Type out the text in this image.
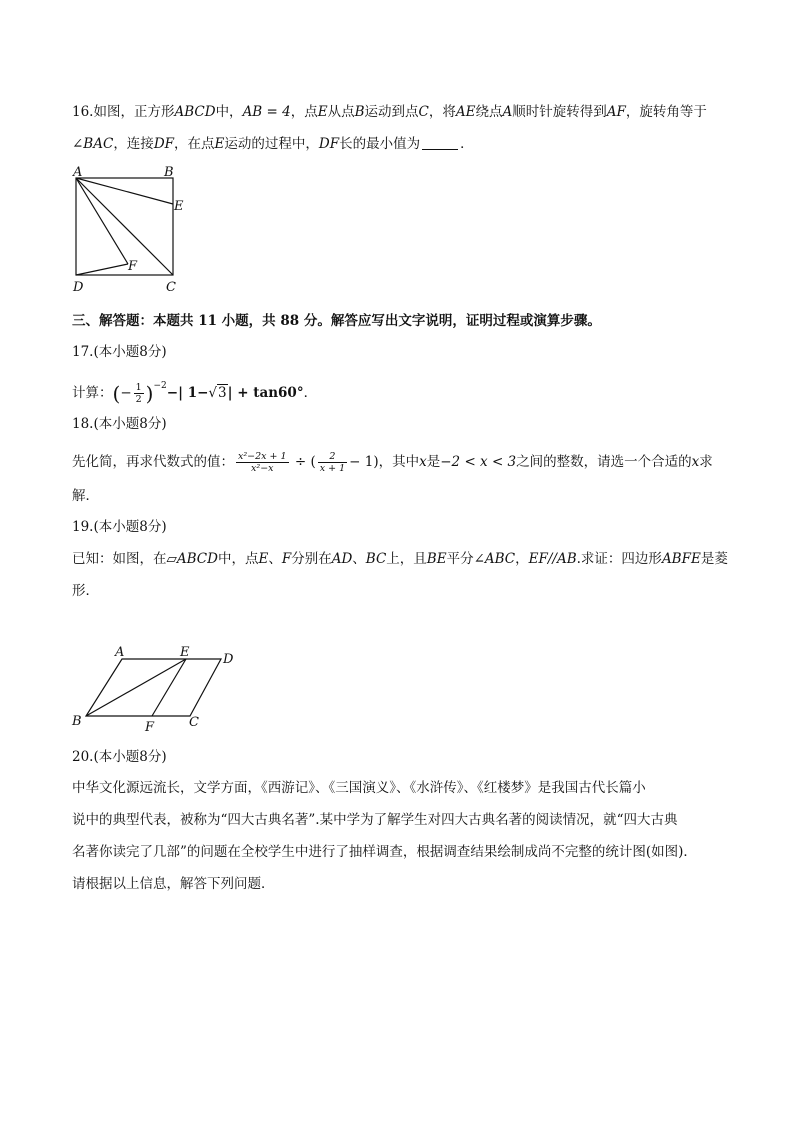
16.如图，正方形ABCD中，AB = 4，点E从点B运动到点C，将AE绕点A顺时针旋转得到AF，旋转角等于
∠BAC，连接DF，在点E运动的过程中，DF长的最小值为	．
A	B
E
F
D	C
三、解答题：本题共 11 小题，共 88 分。解答应写出文字说明，证明过程或演算步骤。
17.(本小题8分)
计算：(− $\frac{1}{2} )^{-2}-|$ 1−√3| + tan60°．
18.(本小题8分)
先化简，再求代数式的值： $\frac{\text{x²−2x + 1}}{\text{x²−x}}$ ÷ ( $\frac{2}{x + 1} - 1$)，其中x是−2 < x < 3之间的整数，请选一个合适的x求
解．
19.(本小题8分)
已知：如图，在▱ABCD中，点E、F分别在AD、BC上，且BE平分∠ABC，EF//AB.求证：四边形ABFE是菱
形．
A	E	D
B	F	C
20.(本小题8分)
中华文化源远流长，文学方面，《西游记》、《三国演义》、《水浒传》、《红楼梦》是我国古代长篇小
说中的典型代表，被称为“四大古典名著”.某中学为了解学生对四大古典名著的阅读情况，就“四大古典
名著你读完了几部”的问题在全校学生中进行了抽样调查，根据调查结果绘制成尚不完整的统计图(如图)．
请根据以上信息，解答下列问题．
